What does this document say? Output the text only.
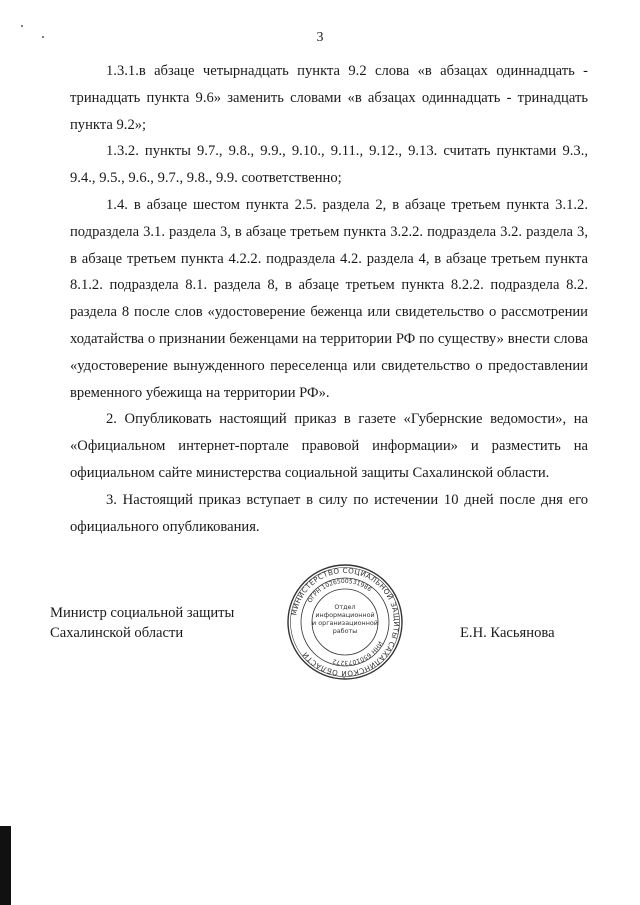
3

1.3.1.в абзаце четырнадцать пункта 9.2 слова «в абзацах одиннадцать - тринадцать пункта 9.6» заменить словами «в абзацах одиннадцать - тринадцать пункта 9.2»;

1.3.2. пункты 9.7., 9.8., 9.9., 9.10., 9.11., 9.12., 9.13. считать пунктами 9.3., 9.4., 9.5., 9.6., 9.7., 9.8., 9.9. соответственно;

1.4. в абзаце шестом пункта 2.5. раздела 2, в абзаце третьем пункта 3.1.2. подраздела 3.1. раздела 3, в абзаце третьем пункта 3.2.2. подраздела 3.2. раздела 3, в абзаце третьем пункта 4.2.2. подраздела 4.2. раздела 4, в абзаце третьем пункта 8.1.2. подраздела 8.1. раздела 8, в абзаце третьем пункта 8.2.2. подраздела 8.2. раздела 8 после слов «удостоверение беженца или свидетельство о рассмотрении ходатайства о признании беженцами на территории РФ по существу» внести слова «удостоверение вынужденного переселенца или свидетельство о предоставлении временного убежища на территории РФ».

2. Опубликовать настоящий приказ в газете «Губернские ведомости», на «Официальном интернет-портале правовой информации» и разместить на официальном сайте министерства социальной защиты Сахалинской области.

3. Настоящий приказ вступает в силу по истечении 10 дней после дня его официального опубликования.

Министр социальной защиты
Сахалинской области	Е.Н. Касьянова
МИНИСТЕРСТВО СОЦИАЛЬНОЙ ЗАЩИТЫ САХАЛИНСКОЙ ОБЛАСТИ
ОГРН 1026500531986
ИНН 6501073272
Отдел
информационной
и организационной
работы
